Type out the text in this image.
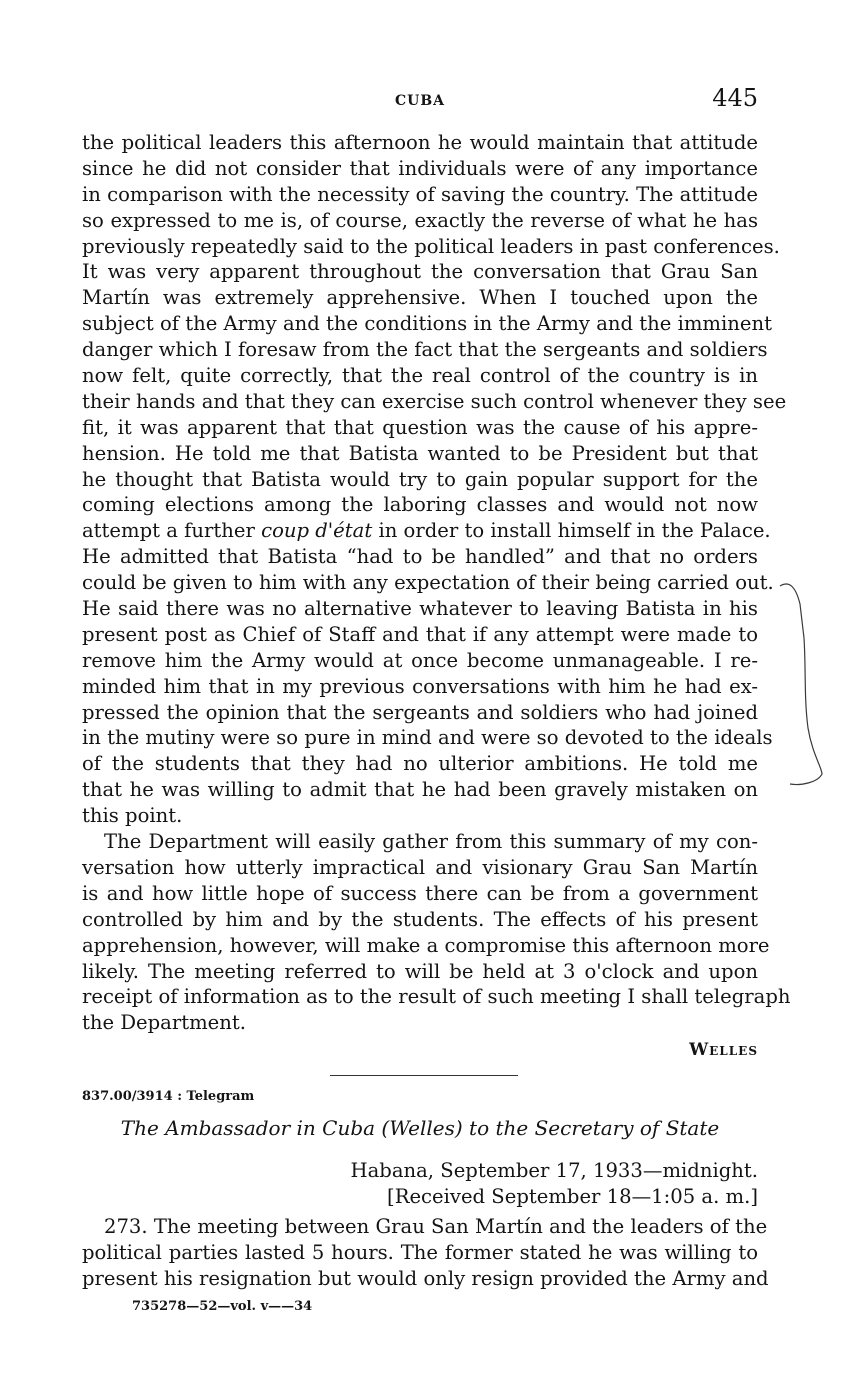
CUBA	445
the political leaders this afternoon he would maintain that attitude
since he did not consider that individuals were of any importance
in comparison with the necessity of saving the country. The attitude
so expressed to me is, of course, exactly the reverse of what he has
previously repeatedly said to the political leaders in past conferences.
It was very apparent throughout the conversation that Grau San
Martín was extremely apprehensive. When I touched upon the
subject of the Army and the conditions in the Army and the imminent
danger which I foresaw from the fact that the sergeants and soldiers
now felt, quite correctly, that the real control of the country is in
their hands and that they can exercise such control whenever they see
fit, it was apparent that that question was the cause of his appre-
hension. He told me that Batista wanted to be President but that
he thought that Batista would try to gain popular support for the
coming elections among the laboring classes and would not now
attempt a further coup d'état in order to install himself in the Palace.
He admitted that Batista “had to be handled” and that no orders
could be given to him with any expectation of their being carried out.
He said there was no alternative whatever to leaving Batista in his
present post as Chief of Staff and that if any attempt were made to
remove him the Army would at once become unmanageable. I re-
minded him that in my previous conversations with him he had ex-
pressed the opinion that the sergeants and soldiers who had joined
in the mutiny were so pure in mind and were so devoted to the ideals
of the students that they had no ulterior ambitions. He told me
that he was willing to admit that he had been gravely mistaken on
this point.
The Department will easily gather from this summary of my con-
versation how utterly impractical and visionary Grau San Martín
is and how little hope of success there can be from a government
controlled by him and by the students. The effects of his present
apprehension, however, will make a compromise this afternoon more
likely. The meeting referred to will be held at 3 o'clock and upon
receipt of information as to the result of such meeting I shall telegraph
the Department.
Welles
837.00/3914 : Telegram
The Ambassador in Cuba (Welles) to the Secretary of State
Habana, September 17, 1933—midnight.
[Received September 18—1:05 a. m.]
273. The meeting between Grau San Martín and the leaders of the
political parties lasted 5 hours. The former stated he was willing to
present his resignation but would only resign provided the Army and
735278—52—vol. v——34
